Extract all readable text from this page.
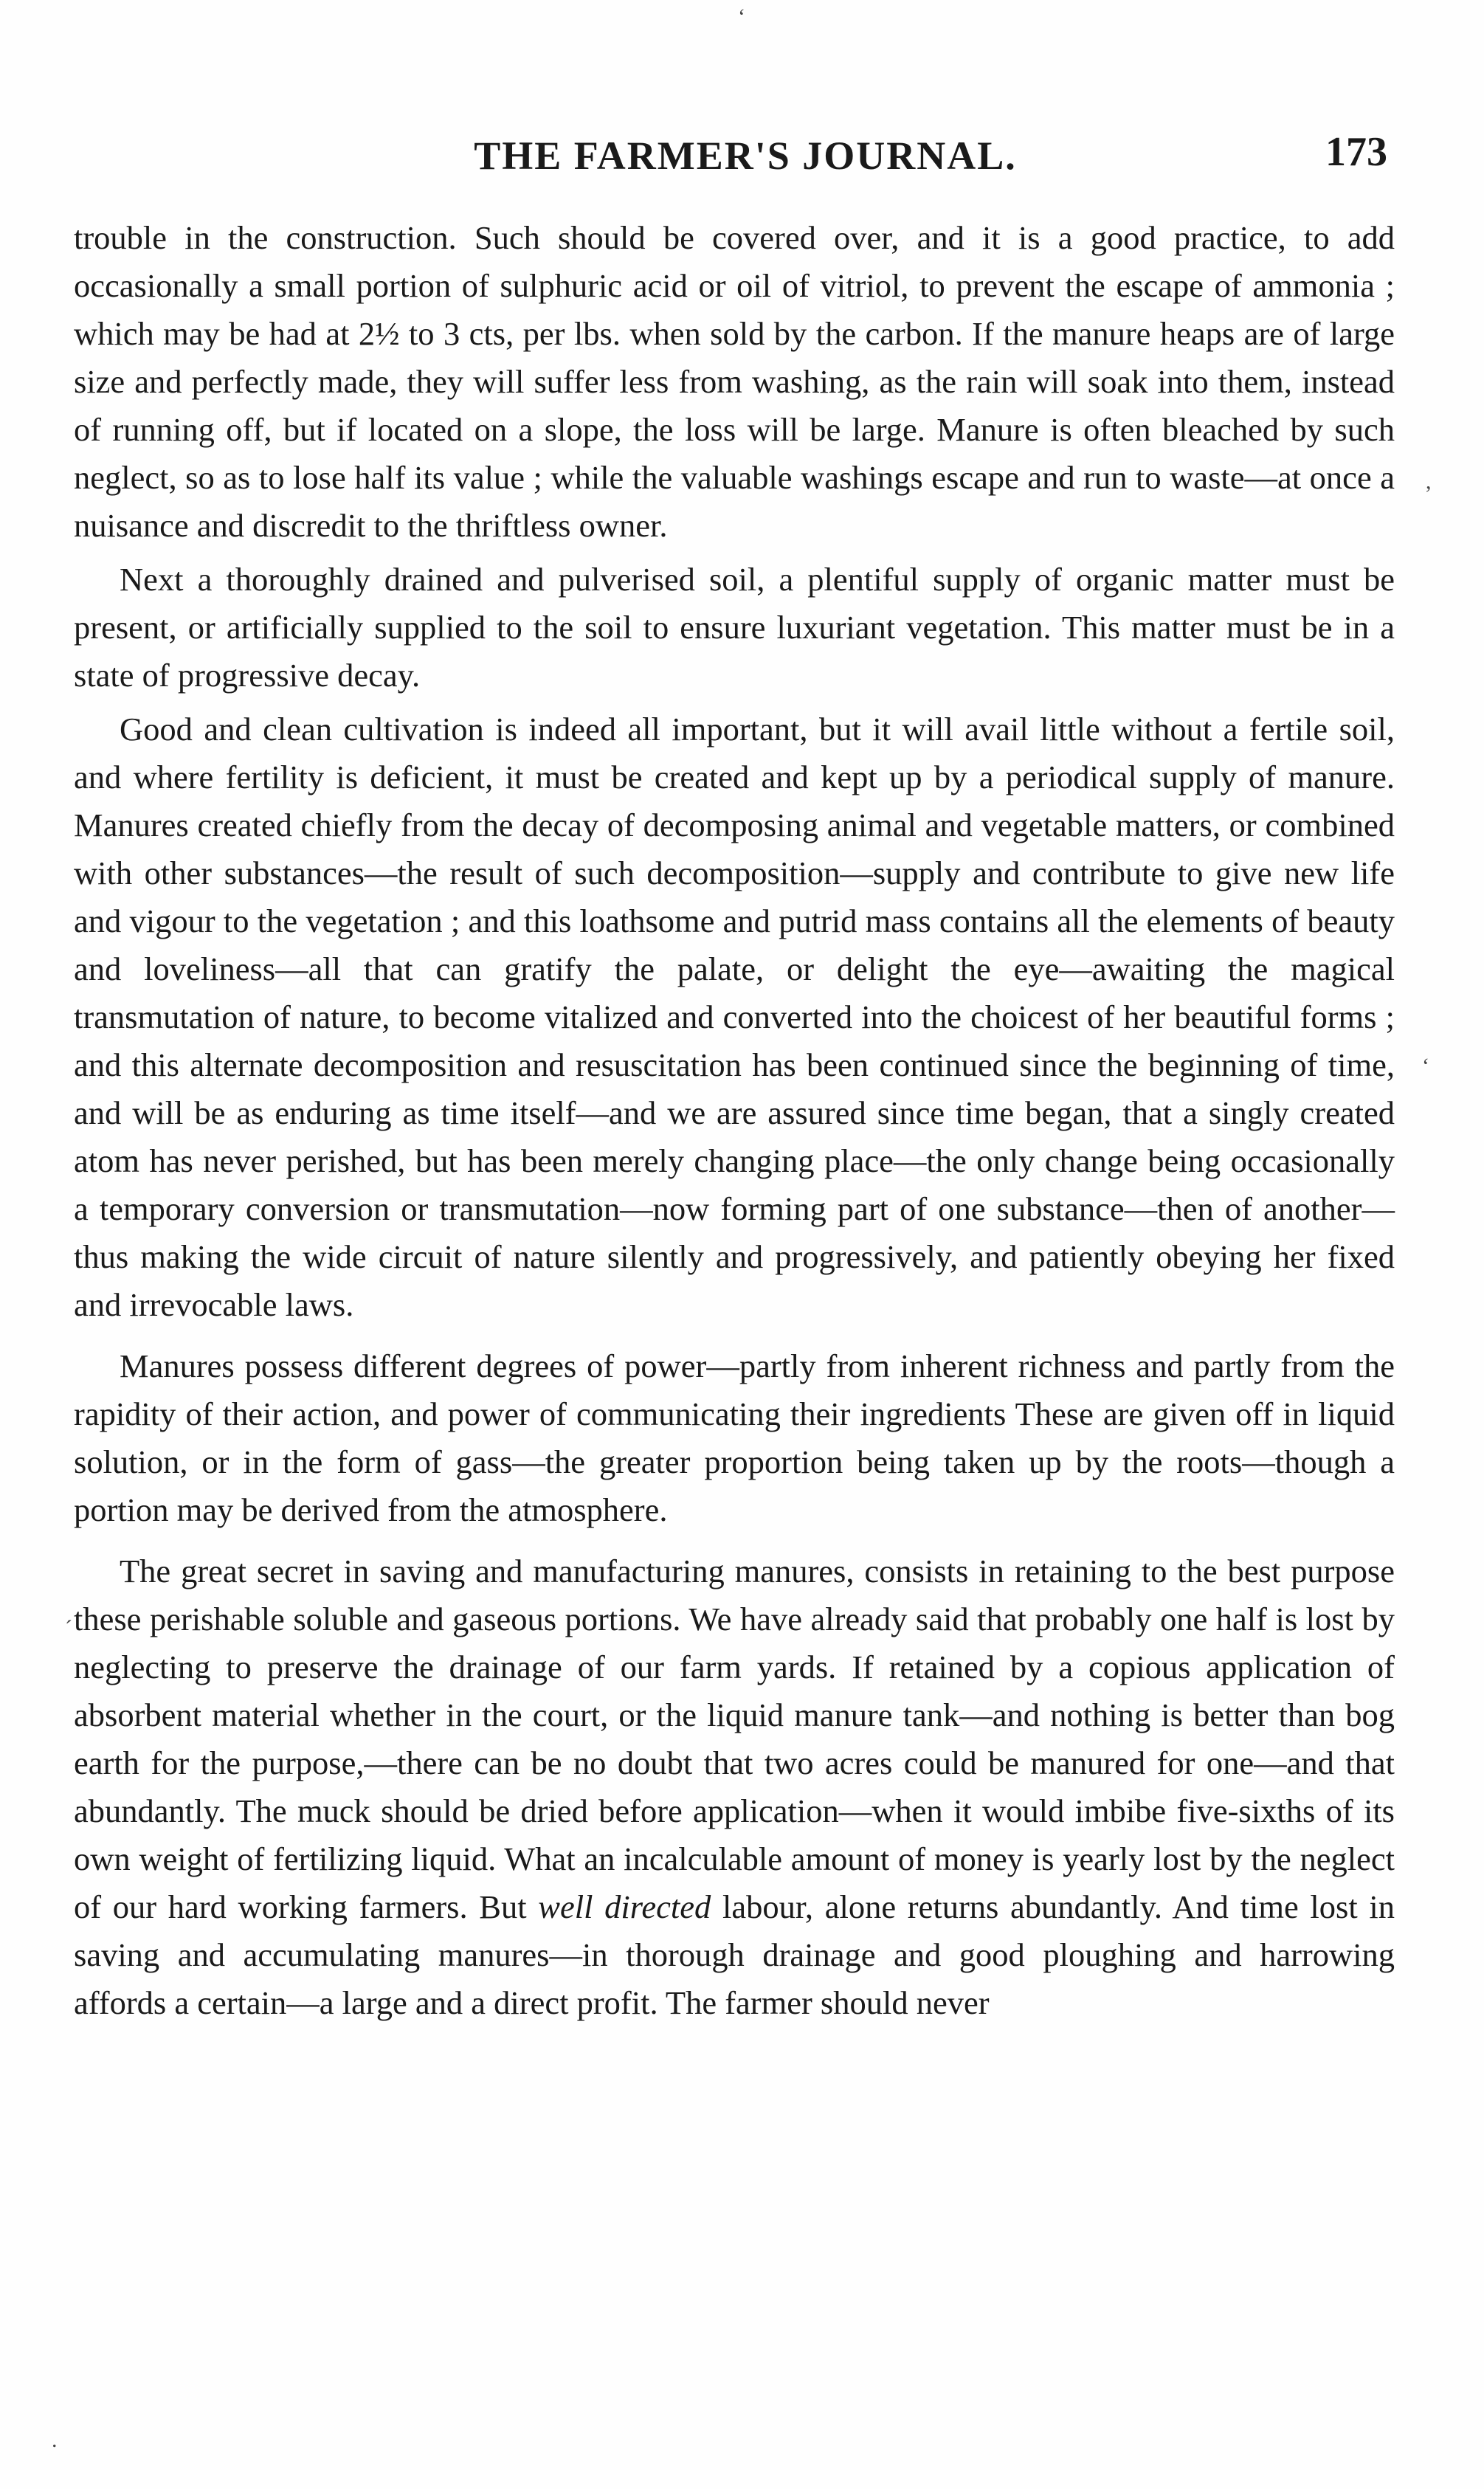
ʻ
,
ʻ
ˊ
.
THE FARMER'S JOURNAL.	173

trouble in the construction. Such should be covered over, and it is a good practice, to add occasionally a small portion of sulphuric acid or oil of vitriol, to prevent the escape of ammonia ; which may be had at 2½ to 3 cts, per lbs. when sold by the carbon. If the manure heaps are of large size and perfectly made, they will suffer less from washing, as the rain will soak into them, instead of running off, but if located on a slope, the loss will be large. Manure is often bleached by such neglect, so as to lose half its value ; while the valuable washings escape and run to waste—at once a nuisance and discredit to the thriftless owner.

Next a thoroughly drained and pulverised soil, a plentiful supply of organic matter must be present, or artificially supplied to the soil to ensure luxuriant vegetation. This matter must be in a state of progressive decay.

Good and clean cultivation is indeed all important, but it will avail little without a fertile soil, and where fertility is deficient, it must be created and kept up by a periodical supply of manure. Manures created chiefly from the decay of decomposing animal and vegetable matters, or combined with other substances—the result of such decomposition—supply and contribute to give new life and vigour to the vegetation ; and this loathsome and putrid mass contains all the elements of beauty and loveliness—all that can gratify the palate, or delight the eye—awaiting the magical transmutation of nature, to become vitalized and converted into the choicest of her beautiful forms ; and this alternate decomposition and resuscitation has been continued since the beginning of time, and will be as enduring as time itself—and we are assured since time began, that a singly created atom has never perished, but has been merely changing place—the only change being occasionally a temporary conversion or transmutation—now forming part of one substance—then of another—thus making the wide circuit of nature silently and progressively, and patiently obeying her fixed and irrevocable laws.

Manures possess different degrees of power—partly from inherent richness and partly from the rapidity of their action, and power of communicating their ingredients These are given off in liquid solution, or in the form of gass—the greater proportion being taken up by the roots—though a portion may be derived from the atmosphere.

The great secret in saving and manufacturing manures, consists in retaining to the best purpose these perishable soluble and gaseous portions. We have already said that probably one half is lost by neglecting to preserve the drainage of our farm yards. If retained by a copious application of absorbent material whether in the court, or the liquid manure tank—and nothing is better than bog earth for the purpose,—there can be no doubt that two acres could be manured for one—and that abundantly. The muck should be dried before application—when it would imbibe five-sixths of its own weight of fertilizing liquid. What an incalculable amount of money is yearly lost by the neglect of our hard working farmers. But well directed labour, alone returns abundantly. And time lost in saving and accumulating manures—in thorough drainage and good ploughing and harrowing affords a certain—a large and a direct profit. The farmer should never
